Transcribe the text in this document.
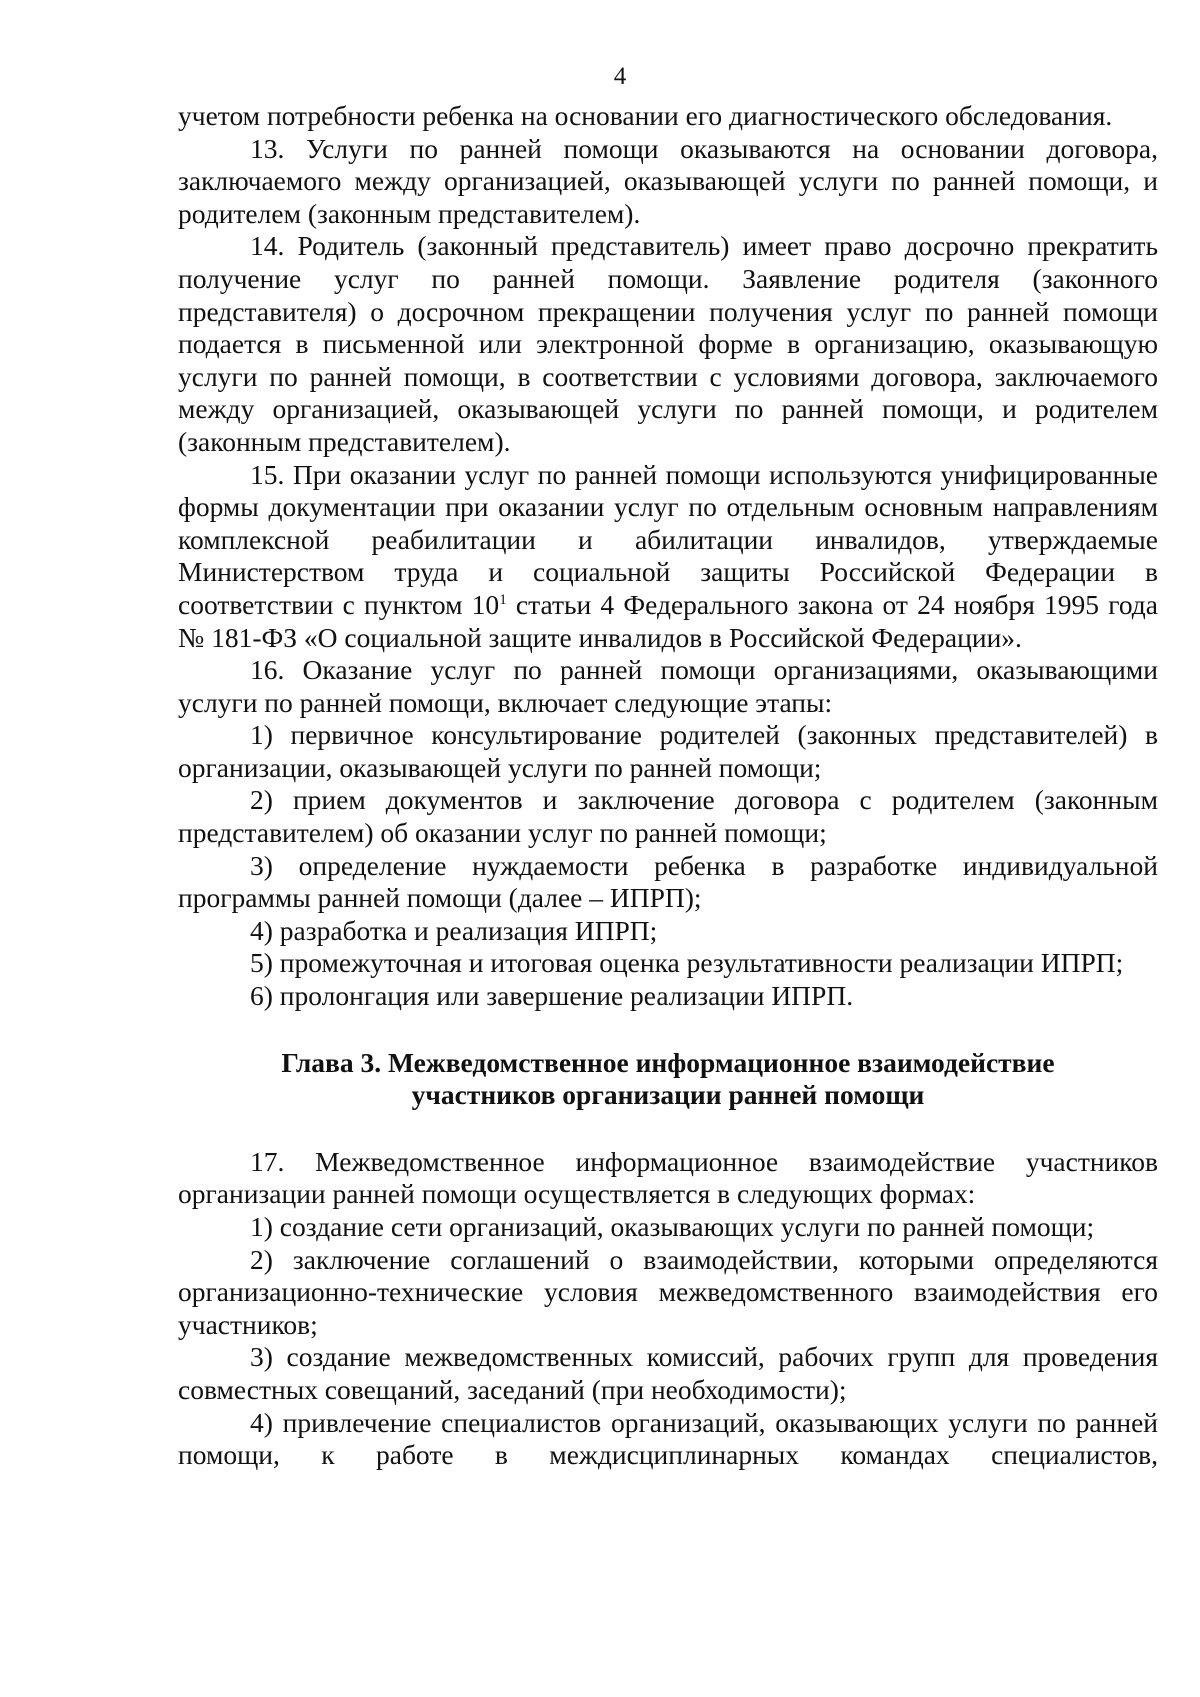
4

учетом потребности ребенка на основании его диагностического обследования.

13. Услуги по ранней помощи оказываются на основании договора, заключаемого между организацией, оказывающей услуги по ранней помощи, и родителем (законным представителем).

14. Родитель (законный представитель) имеет право досрочно прекратить получение услуг по ранней помощи. Заявление родителя (законного представителя) о досрочном прекращении получения услуг по ранней помощи подается в письменной или электронной форме в организацию, оказывающую услуги по ранней помощи, в соответствии с условиями договора, заключаемого между организацией, оказывающей услуги по ранней помощи, и родителем (законным представителем).

15. При оказании услуг по ранней помощи используются унифицированные формы документации при оказании услуг по отдельным основным направлениям комплексной реабилитации и абилитации инвалидов, утверждаемые Министерством труда и социальной защиты Российской Федерации в соответствии с пунктом $10^1$ статьи 4 Федерального закона от 24 ноября 1995 года № 181-ФЗ «О социальной защите инвалидов в Российской Федерации».

16. Оказание услуг по ранней помощи организациями, оказывающими услуги по ранней помощи, включает следующие этапы:

1) первичное консультирование родителей (законных представителей) в организации, оказывающей услуги по ранней помощи;

2) прием документов и заключение договора с родителем (законным представителем) об оказании услуг по ранней помощи;

3) определение нуждаемости ребенка в разработке индивидуальной программы ранней помощи (далее – ИПРП);

4) разработка и реализация ИПРП;

5) промежуточная и итоговая оценка результативности реализации ИПРП;

6) пролонгация или завершение реализации ИПРП.

Глава 3. Межведомственное информационное взаимодействие
участников организации ранней помощи

17. Межведомственное информационное взаимодействие участников организации ранней помощи осуществляется в следующих формах:

1) создание сети организаций, оказывающих услуги по ранней помощи;

2) заключение соглашений о взаимодействии, которыми определяются организационно-технические условия межведомственного взаимодействия его участников;

3) создание межведомственных комиссий, рабочих групп для проведения совместных совещаний, заседаний (при необходимости);

4) привлечение специалистов организаций, оказывающих услуги по ранней помощи, к работе в междисциплинарных командах специалистов,
